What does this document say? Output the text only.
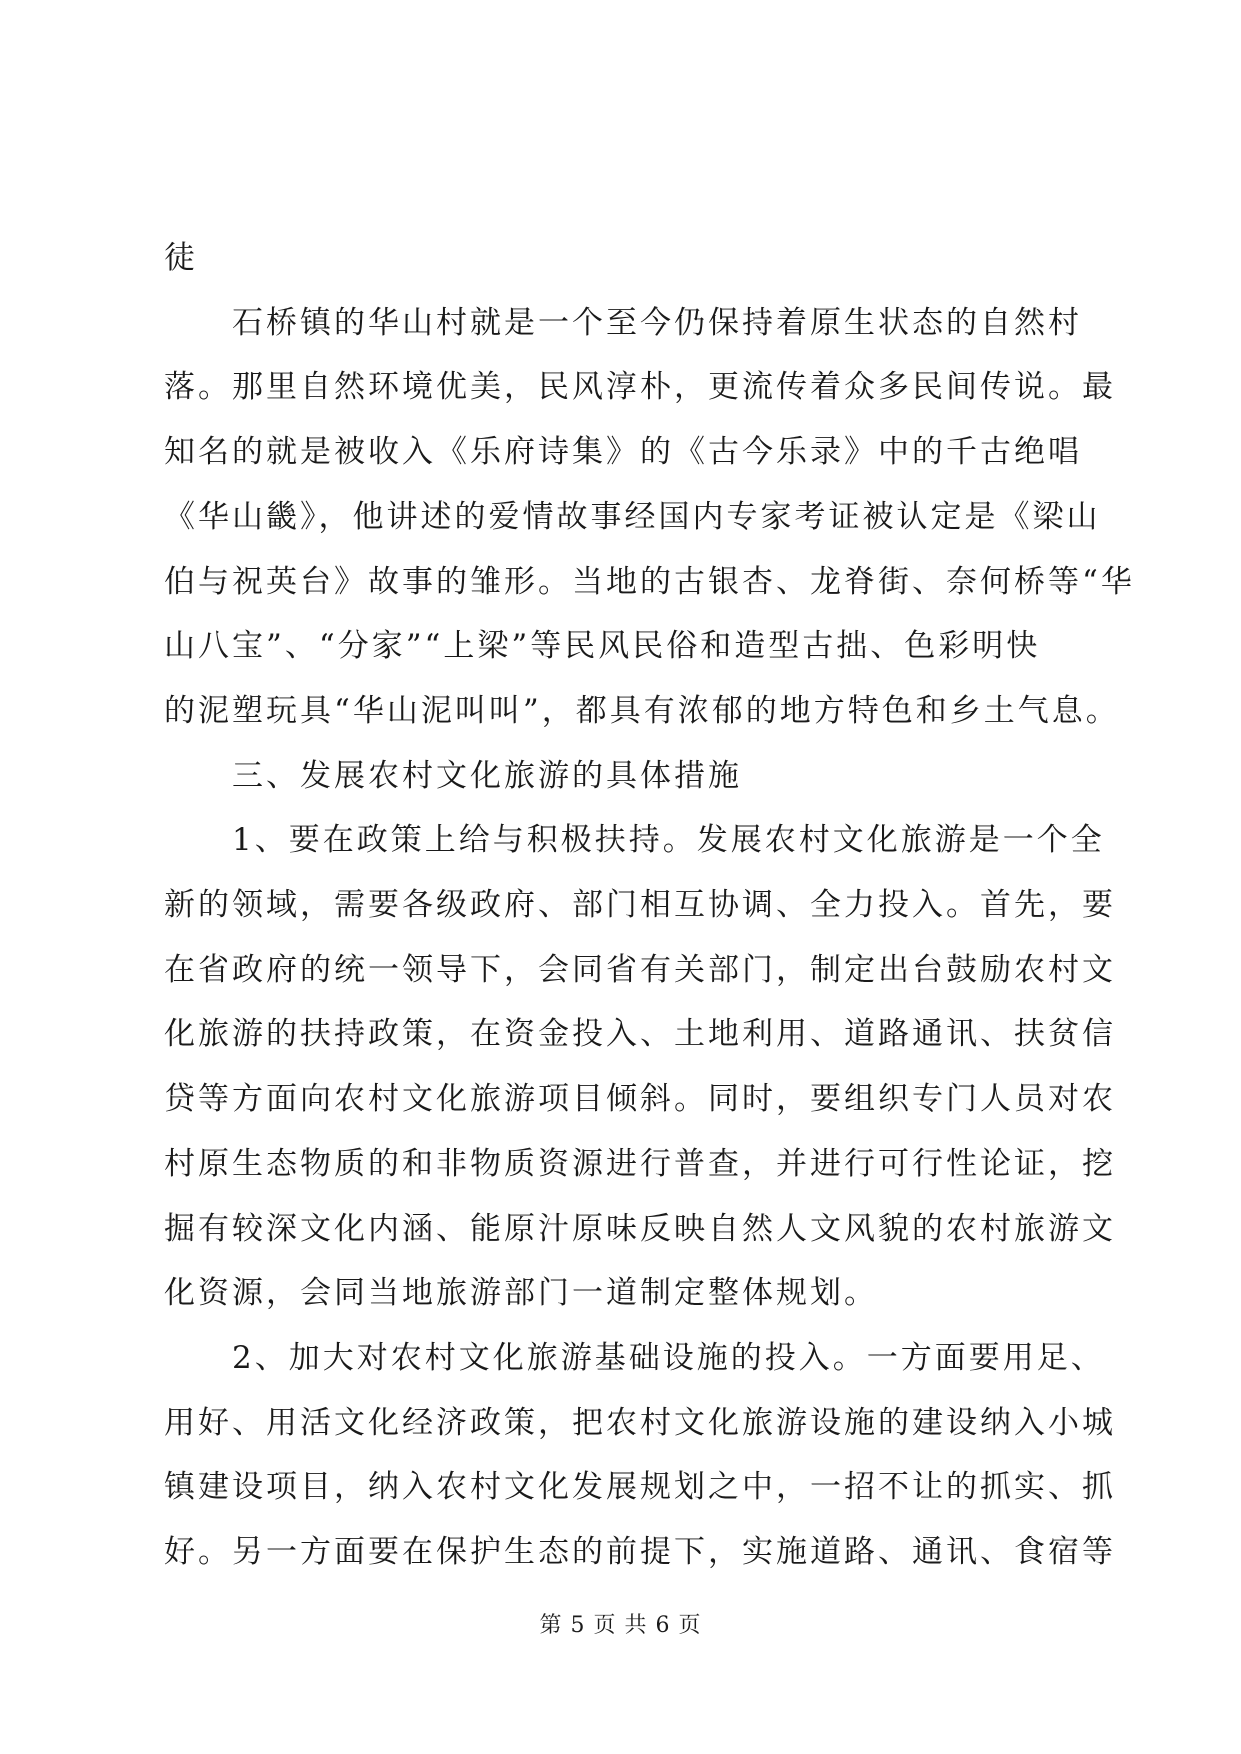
徒

石桥镇的华山村就是一个至今仍保持着原生状态的自然村
落。那里自然环境优美，民风淳朴，更流传着众多民间传说。最
知名的就是被收入《乐府诗集》的《古今乐录》中的千古绝唱
《华山畿》，他讲述的爱情故事经国内专家考证被认定是《梁山
伯与祝英台》故事的雏形。当地的古银杏、龙脊街、奈何桥等“华
山八宝”、“分家”“上梁”等民风民俗和造型古拙、色彩明快
的泥塑玩具“华山泥叫叫”，都具有浓郁的地方特色和乡土气息。

三、发展农村文化旅游的具体措施

1、要在政策上给与积极扶持。发展农村文化旅游是一个全
新的领域，需要各级政府、部门相互协调、全力投入。首先，要
在省政府的统一领导下，会同省有关部门，制定出台鼓励农村文
化旅游的扶持政策，在资金投入、土地利用、道路通讯、扶贫信
贷等方面向农村文化旅游项目倾斜。同时，要组织专门人员对农
村原生态物质的和非物质资源进行普查，并进行可行性论证，挖
掘有较深文化内涵、能原汁原味反映自然人文风貌的农村旅游文
化资源，会同当地旅游部门一道制定整体规划。

2、加大对农村文化旅游基础设施的投入。一方面要用足、
用好、用活文化经济政策，把农村文化旅游设施的建设纳入小城
镇建设项目，纳入农村文化发展规划之中，一招不让的抓实、抓
好。另一方面要在保护生态的前提下，实施道路、通讯、食宿等

第 5 页 共 6 页
